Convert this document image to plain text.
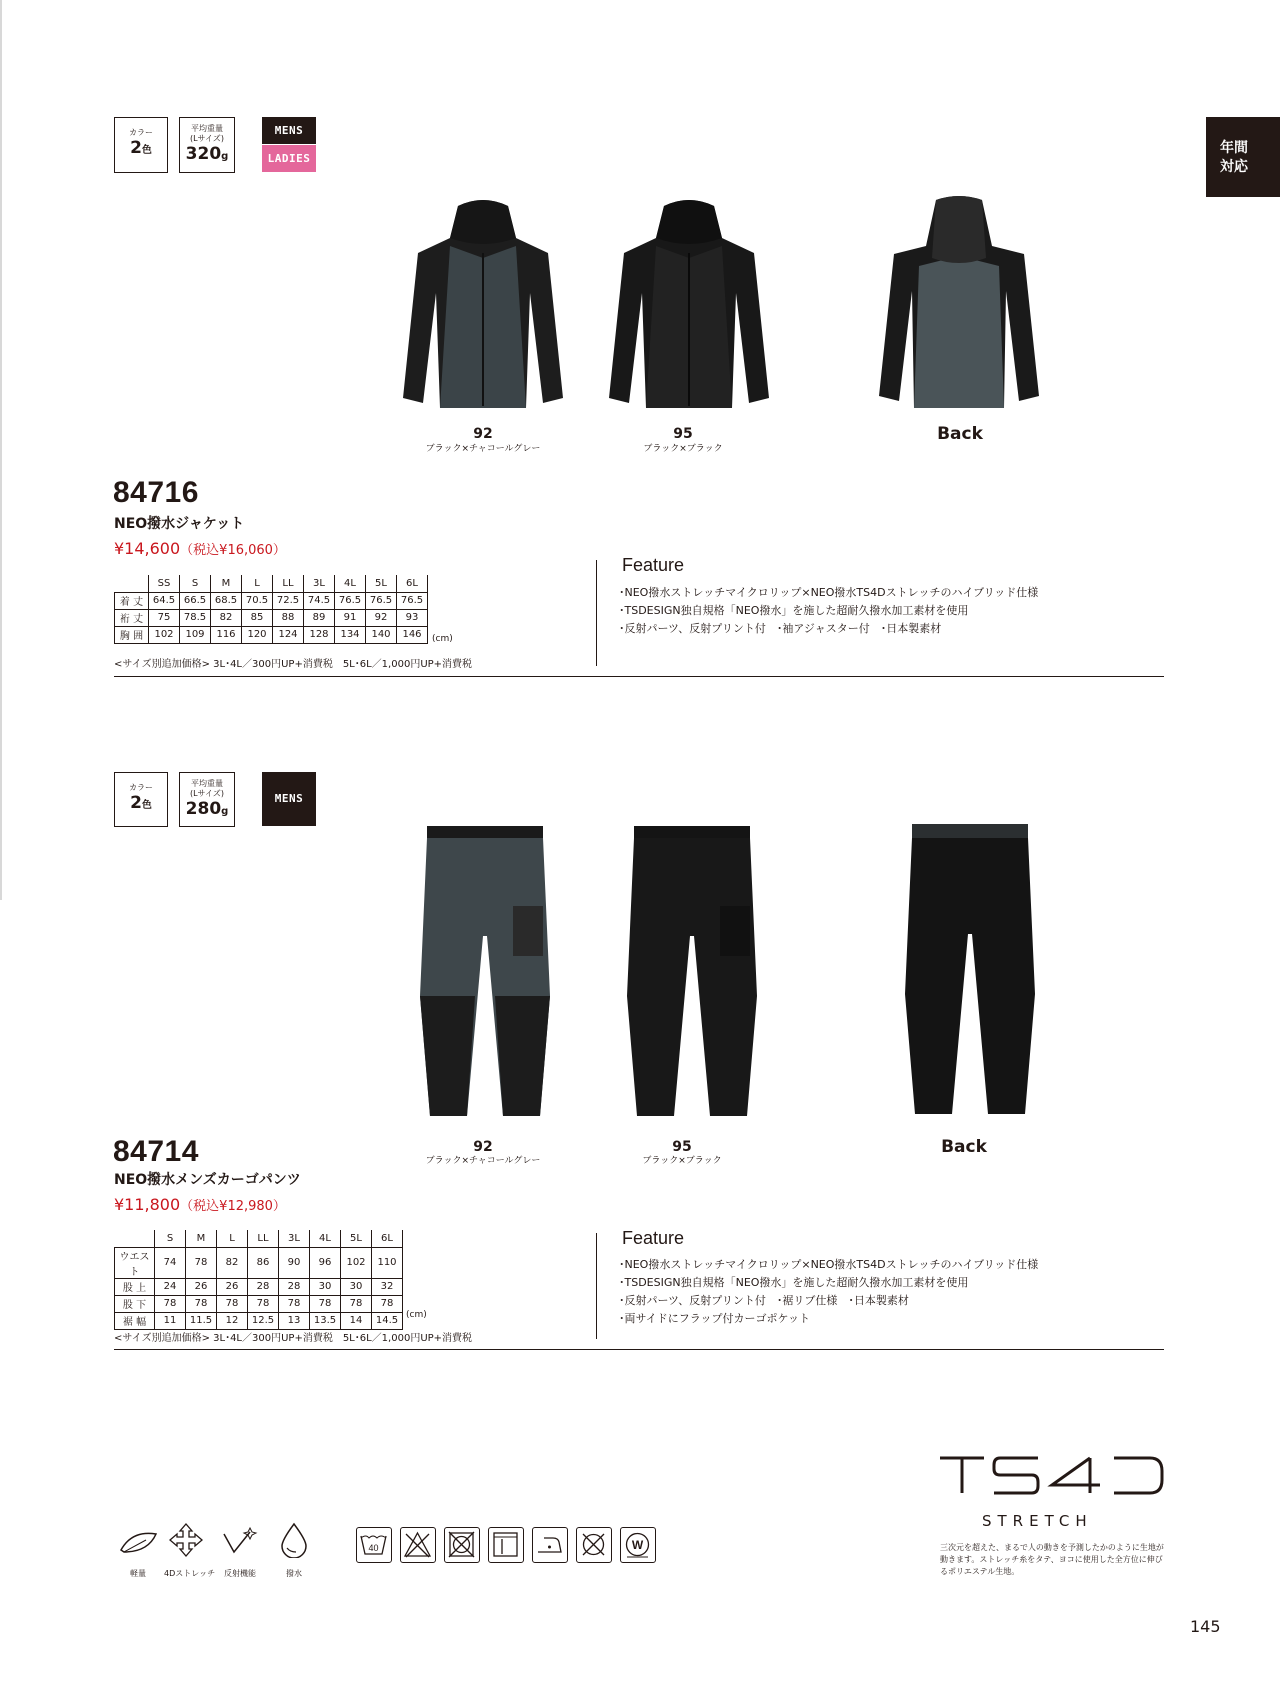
年間
対応
カラー
2色
平均重量
(Lサイズ)
320g
MENS
LADIES
92
ブラック×チャコールグレー
Back
84716
NEO撥水ジャケット
¥14,600（税込¥16,060）
	SS	S	M	L	LL	3L	4L	5L	6L
着 丈	64.5	66.5	68.5	70.5	72.5	74.5	76.5	76.5	76.5
裄 丈	75	78.5	82	85	88	89	91	92	93
胸 囲	102	109	116	120	124	128	134	140	146 (cm)
<サイズ別追加価格> 3L･4L／300円UP+消費税　5L･6L／1,000円UP+消費税
Feature
･NEO撥水ストレッチマイクロリップ×NEO撥水TS4Dストレッチのハイブリッド仕様
･TSDESIGN独自規格「NEO撥水」を施した超耐久撥水加工素材を使用
･反射パーツ、反射プリント付　･袖アジャスター付　･日本製素材
カラー
2色
平均重量
(Lサイズ)
280g
MENS
92
ブラック×チャコールグレー
95
ブラック×ブラック
Back
84714
NEO撥水メンズカーゴパンツ
¥11,800（税込¥12,980）
	S	M	L	LL	3L	4L	5L	6L
ウエスト	74	78	82	86	90	96	102	110
股 上	24	26	26	28	28	30	30	32
股 下	78	78	78	78	78	78	78	78
裾 幅	11	11.5	12	12.5	13	13.5	14	14.5 (cm)
<サイズ別追加価格> 3L･4L／300円UP+消費税　5L･6L／1,000円UP+消費税
Feature
･NEO撥水ストレッチマイクロリップ×NEO撥水TS4Dストレッチのハイブリッド仕様
･TSDESIGN独自規格「NEO撥水」を施した超耐久撥水加工素材を使用
･反射パーツ、反射プリント付　･裾リブ仕様　･日本製素材
･両サイドにフラップ付カーゴポケット
STRETCH
三次元を超えた、まるで人の動きを予測したかのように生地が動きます。ストレッチ糸をタテ、ヨコに使用した全方位に伸びるポリエステル生地。
軽量	4Dストレッチ	反射機能	撥水
40	W
145
95
ブラック×ブラック
